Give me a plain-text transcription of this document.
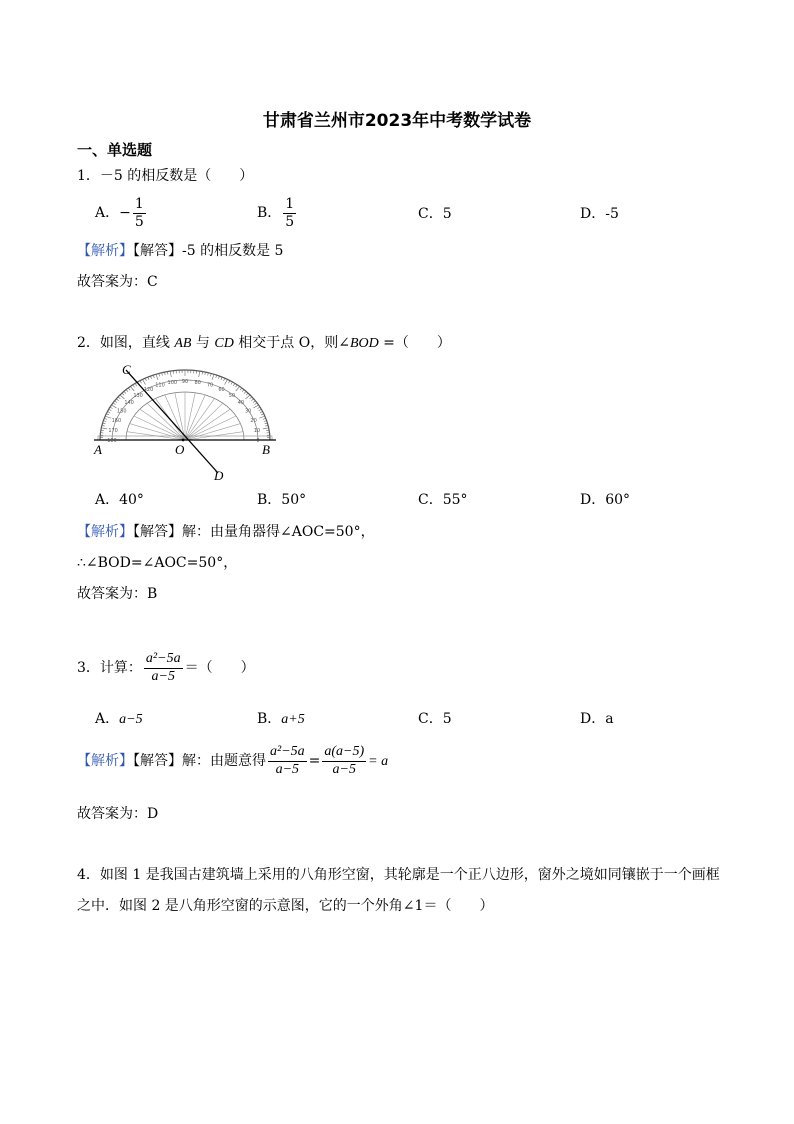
甘肃省兰州市2023年中考数学试卷
一、单选题
1．－5 的相反数是（　　）
A．− $\frac{1}{5}$	B． $\frac{1}{5}$	C．5	D．-5
【解析】【解答】-5 的相反数是 5
故答案为：C
2．如图，直线 AB 与 CD 相交于点 O，则∠BOD =（　　）
C
A	O	B
D
90 80
100	70
110
60
120
50
130
40
140
30
150
20
160
10
170
0
180
A．40°	B．50°	C．55°	D．60°
【解析】【解答】解：由量角器得∠AOC=50°，
∴∠BOD=∠AOC=50°，
故答案为：B
3．计算： $\frac{\text{a²−5a}}{a-5}$ ＝（　　）
A．a−5	B．a+5	C．5	D．a
【解析】【解答】解：由题意得 $\frac{\text{a²−5a}}{a-5} = \frac{a(a-5)}{a-5} = a$
故答案为：D
4．如图 1 是我国古建筑墙上采用的八角形空窗，其轮廓是一个正八边形，窗外之境如同镶嵌于一个画框
之中．如图 2 是八角形空窗的示意图，它的一个外角∠1＝（　　）
